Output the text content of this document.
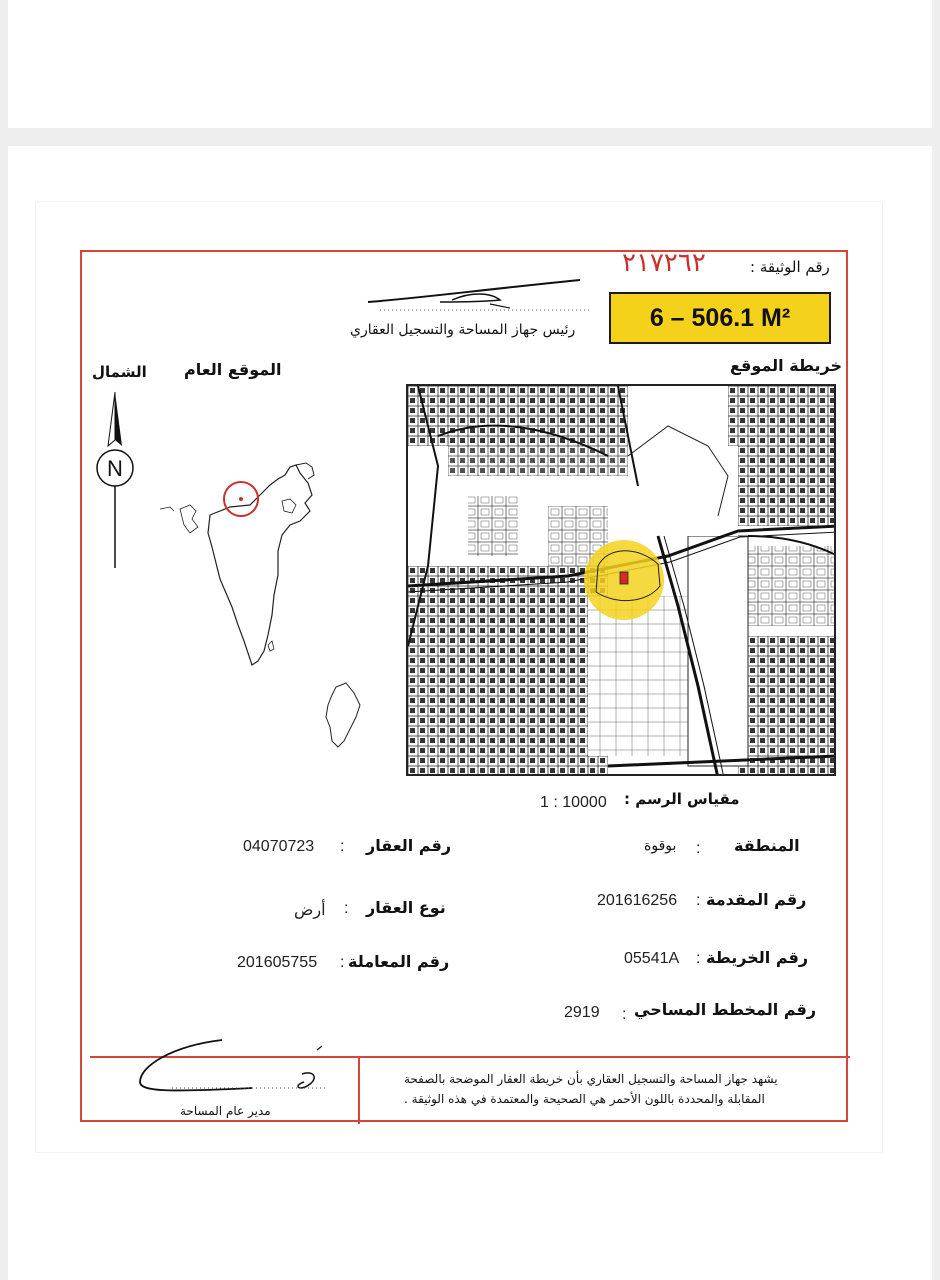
رقم الوثيقة :
٢١٧٢٦٢
رئيس جهاز المساحة والتسجيل العقاري	6 – 506.1 M²
خريطة الموقع
الموقع العام
الشمال
N
مقياس الرسم :
1 : 10000
04070723 : رقم العقار
أرض : نوع العقار
201605755 : رقم المعاملة
بوقوة : المنطقة
201616256 : رقم المقدمة
05541A : رقم الخريطة
2919 : رقم المخطط المساحي
يشهد جهاز المساحة والتسجيل العقاري بأن خريطة العقار الموضحة بالصفحة
المقابلة والمحددة باللون الأحمر هي الصحيحة والمعتمدة في هذه الوثيقة .
مدير عام المساحة
